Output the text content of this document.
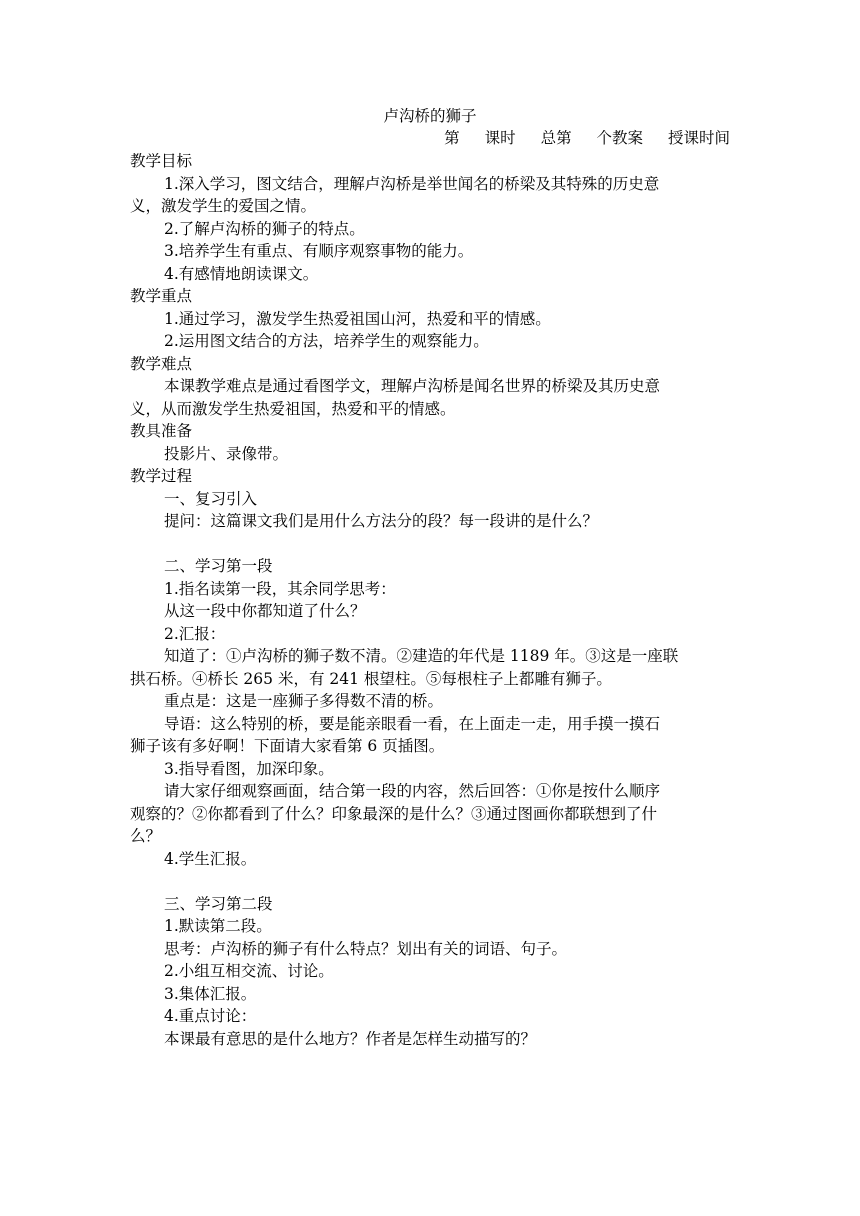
卢沟桥的狮子
第 课时 总第 个教案 授课时间
教学目标
1.深入学习，图文结合，理解卢沟桥是举世闻名的桥梁及其特殊的历史意
义，激发学生的爱国之情。
2.了解卢沟桥的狮子的特点。
3.培养学生有重点、有顺序观察事物的能力。
4.有感情地朗读课文。
教学重点
1.通过学习，激发学生热爱祖国山河，热爱和平的情感。
2.运用图文结合的方法，培养学生的观察能力。
教学难点
本课教学难点是通过看图学文，理解卢沟桥是闻名世界的桥梁及其历史意
义，从而激发学生热爱祖国，热爱和平的情感。
教具准备
投影片、录像带。
教学过程
一、复习引入
提问：这篇课文我们是用什么方法分的段？每一段讲的是什么？
二、学习第一段
1.指名读第一段，其余同学思考：
从这一段中你都知道了什么？
2.汇报：
知道了：①卢沟桥的狮子数不清。②建造的年代是 1189 年。③这是一座联
拱石桥。④桥长 265 米，有 241 根望柱。⑤每根柱子上都雕有狮子。
重点是：这是一座狮子多得数不清的桥。
导语：这么特别的桥，要是能亲眼看一看，在上面走一走，用手摸一摸石
狮子该有多好啊！下面请大家看第 6 页插图。
3.指导看图，加深印象。
请大家仔细观察画面，结合第一段的内容，然后回答：①你是按什么顺序
观察的？②你都看到了什么？印象最深的是什么？③通过图画你都联想到了什
么？
4.学生汇报。
三、学习第二段
1.默读第二段。
思考：卢沟桥的狮子有什么特点？划出有关的词语、句子。
2.小组互相交流、讨论。
3.集体汇报。
4.重点讨论：
本课最有意思的是什么地方？作者是怎样生动描写的？
